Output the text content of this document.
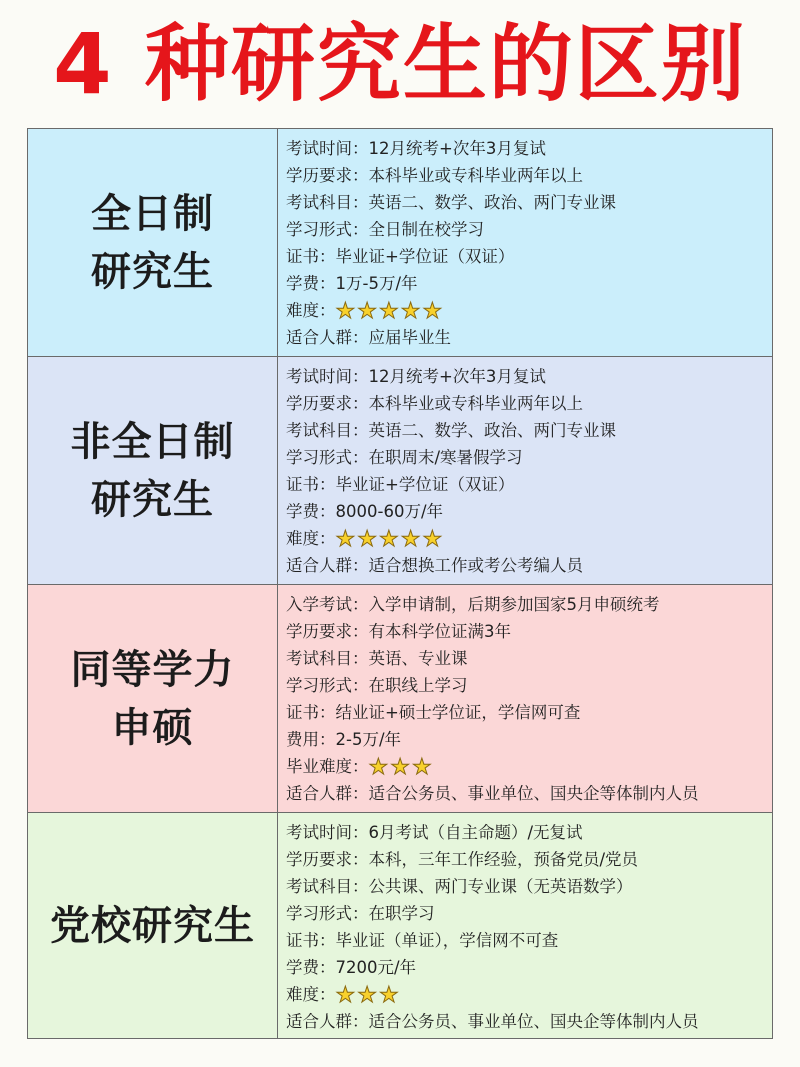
4 种研究生的区别
全日制
研究生
考试时间：12月统考+次年3月复试
学历要求：本科毕业或专科毕业两年以上
考试科目：英语二、数学、政治、两门专业课
学习形式：全日制在校学习
证书：毕业证+学位证（双证）
学费：1万-5万/年
难度：★★★★★
适合人群：应届毕业生
非全日制
研究生
考试时间：12月统考+次年3月复试
学历要求：本科毕业或专科毕业两年以上
考试科目：英语二、数学、政治、两门专业课
学习形式：在职周末/寒暑假学习
证书：毕业证+学位证（双证）
学费：8000-60万/年
难度：★★★★★
适合人群：适合想换工作或考公考编人员
同等学力
申硕
入学考试：入学申请制，后期参加国家5月申硕统考
学历要求：有本科学位证满3年
考试科目：英语、专业课
学习形式：在职线上学习
证书：结业证+硕士学位证，学信网可查
费用：2-5万/年
毕业难度：★★★
适合人群：适合公务员、事业单位、国央企等体制内人员
党校研究生
考试时间：6月考试（自主命题）/无复试
学历要求：本科，三年工作经验，预备党员/党员
考试科目：公共课、两门专业课（无英语数学）
学习形式：在职学习
证书：毕业证（单证），学信网不可查
学费：7200元/年
难度：★★★
适合人群：适合公务员、事业单位、国央企等体制内人员
